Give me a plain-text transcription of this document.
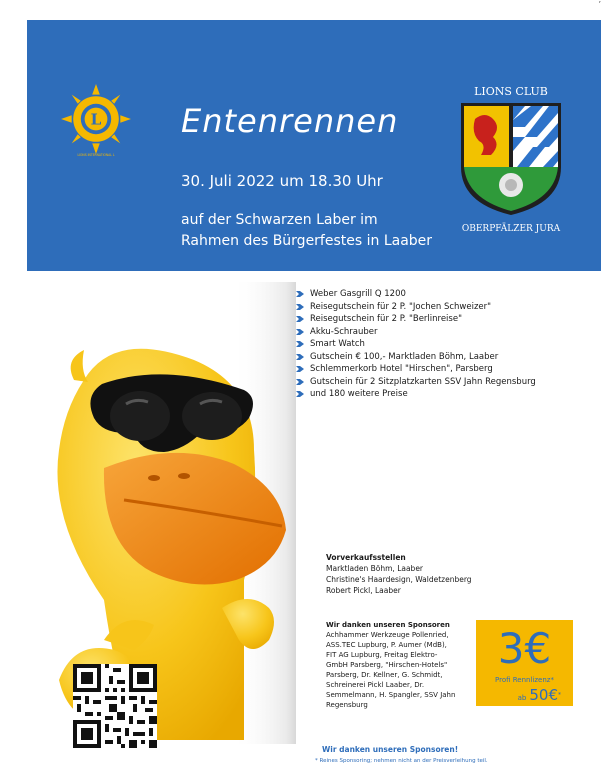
’
L
LIONS INTERNATIONAL L
Entenrennen
30. Juli 2022 um 18.30 Uhr
auf der Schwarzen Laber im
Rahmen des Bürgerfestes in Laaber
LIONS CLUB
OBERPFÄLZER JURA
Weber Gasgrill Q 1200
Reisegutschein für 2 P. "Jochen Schweizer"
Reisegutschein für 2 P. "Berlinreise"
Akku-Schrauber
Smart Watch
Gutschein € 100,- Marktladen Böhm, Laaber
Schlemmerkorb Hotel "Hirschen", Parsberg
Gutschein für 2 Sitzplatzkarten SSV Jahn Regensburg
und 180 weitere Preise
Vorverkaufsstellen
Marktladen Böhm, Laaber
Christine's Haardesign, Waldetzenberg
Robert Pickl, Laaber
Wir danken unseren Sponsoren
Achhammer Werkzeuge Pollenried,
ASS.TEC Lupburg, P. Aumer (MdB),
FIT AG Lupburg, Freitag Elektro-
GmbH Parsberg, "Hirschen-Hotels"
Parsberg, Dr. Kellner, G. Schmidt,
Schreinerei Pickl Laaber, Dr.
Semmelmann, H. Spangler, SSV Jahn
Regensburg
3€
Profi Rennlizenz*
ab 50€*
Wir danken unseren Sponsoren!
* Reines Sponsoring; nehmen nicht an der Preisverleihung teil.
